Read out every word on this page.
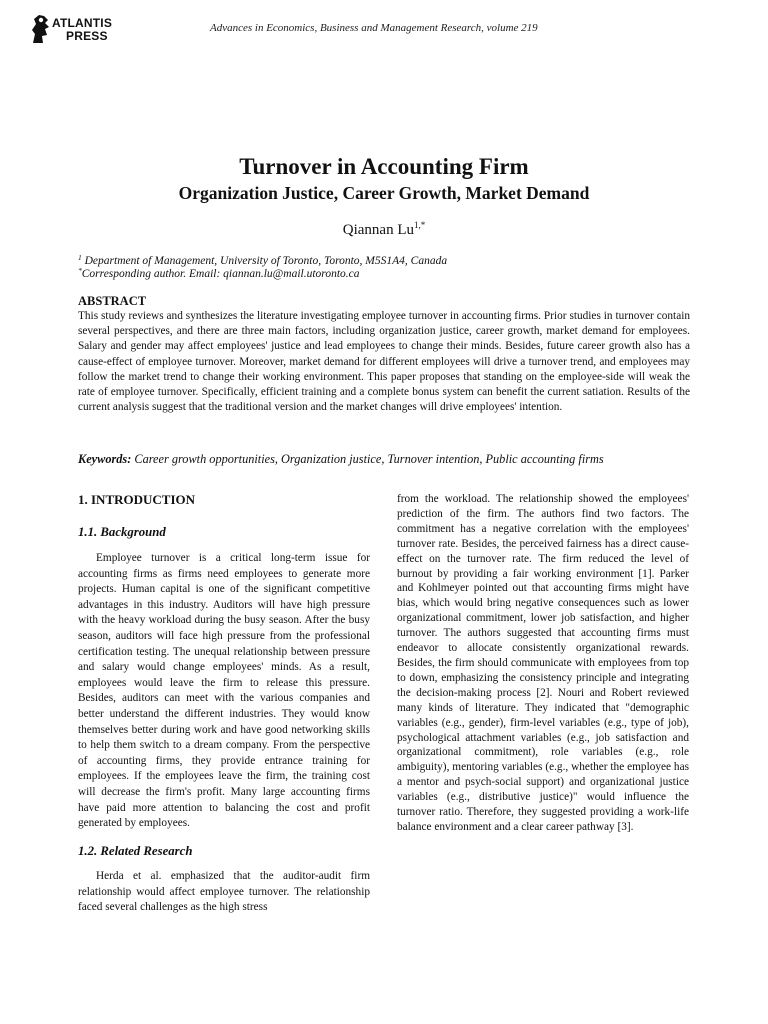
ATLANTIS
PRESS
Advances in Economics, Business and Management Research, volume 219
Turnover in Accounting Firm
Organization Justice, Career Growth, Market Demand
Qiannan $Lu^{1,*}$
$^1$ Department of Management, University of Toronto, Toronto, M5S1A4, Canada
*Corresponding author. Email: qiannan.lu@mail.utoronto.ca
ABSTRACT

This study reviews and synthesizes the literature investigating employee turnover in accounting firms. Prior studies in turnover contain several perspectives, and there are three main factors, including organization justice, career growth, market demand for employees. Salary and gender may affect employees' justice and lead employees to change their minds. Besides, future career growth also has a cause-effect of employee turnover. Moreover, market demand for different employees will drive a turnover trend, and employees may follow the market trend to change their working environment. This paper proposes that standing on the employee-side will weak the rate of employee turnover. Specifically, efficient training and a complete bonus system can benefit the current satiation. Results of the current analysis suggest that the traditional version and the market changes will drive employees' intention.

Keywords: Career growth opportunities, Organization justice, Turnover intention, Public accounting firms
1. INTRODUCTION
1.1. Background

Employee turnover is a critical long-term issue for accounting firms as firms need employees to generate more projects. Human capital is one of the significant competitive advantages in this industry. Auditors will have high pressure with the heavy workload during the busy season. After the busy season, auditors will face high pressure from the professional certification testing. The unequal relationship between pressure and salary would change employees' minds. As a result, employees would leave the firm to release this pressure. Besides, auditors can meet with the various companies and better understand the different industries. They would know themselves better during work and have good networking skills to help them switch to a dream company. From the perspective of accounting firms, they provide entrance training for employees. If the employees leave the firm, the training cost will decrease the firm's profit. Many large accounting firms have paid more attention to balancing the cost and profit generated by employees.

1.2. Related Research

Herda et al. emphasized that the auditor-audit firm relationship would affect employee turnover. The relationship faced several challenges as the high stress

from the workload. The relationship showed the employees' prediction of the firm. The authors find two factors. The commitment has a negative correlation with the employees' turnover rate. Besides, the perceived fairness has a direct cause-effect on the turnover rate. The firm reduced the level of burnout by providing a fair working environment [1]. Parker and Kohlmeyer pointed out that accounting firms might have bias, which would bring negative consequences such as lower organizational commitment, lower job satisfaction, and higher turnover. The authors suggested that accounting firms must endeavor to allocate consistently organizational rewards. Besides, the firm should communicate with employees from top to down, emphasizing the consistency principle and integrating the decision-making process [2]. Nouri and Robert reviewed many kinds of literature. They indicated that "demographic variables (e.g., gender), firm-level variables (e.g., type of job), psychological attachment variables (e.g., job satisfaction and organizational commitment), role variables (e.g., role ambiguity), mentoring variables (e.g., whether the employee has a mentor and psych-social support) and organizational justice variables (e.g., distributive justice)" would influence the turnover ratio. Therefore, they suggested providing a work-life balance environment and a clear career pathway [3].
